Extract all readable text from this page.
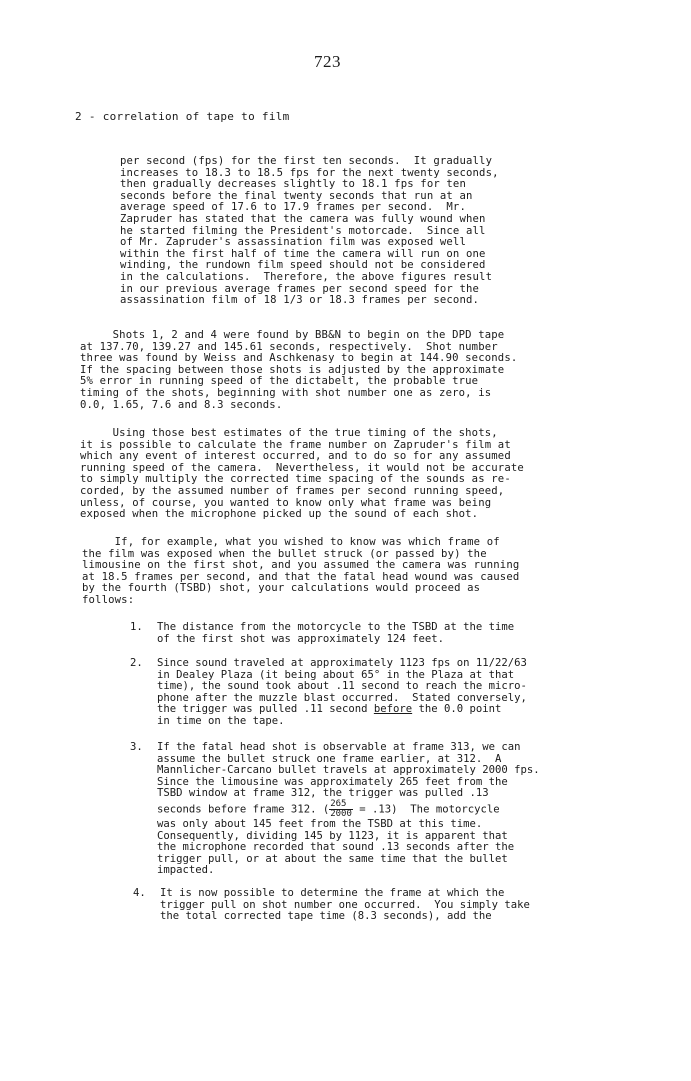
723
2 - correlation of tape to film
per second (fps) for the first ten seconds.  It gradually
increases to 18.3 to 18.5 fps for the next twenty seconds,
then gradually decreases slightly to 18.1 fps for ten
seconds before the final twenty seconds that run at an
average speed of 17.6 to 17.9 frames per second.  Mr.
Zapruder has stated that the camera was fully wound when
he started filming the President's motorcade.  Since all
of Mr. Zapruder's assassination film was exposed well
within the first half of time the camera will run on one
winding, the rundown film speed should not be considered
in the calculations.  Therefore, the above figures result
in our previous average frames per second speed for the
assassination film of 18 1/3 or 18.3 frames per second.
Shots 1, 2 and 4 were found by BB&N to begin on the DPD tape
at 137.70, 139.27 and 145.61 seconds, respectively.  Shot number
three was found by Weiss and Aschkenasy to begin at 144.90 seconds.
If the spacing between those shots is adjusted by the approximate
5% error in running speed of the dictabelt, the probable true
timing of the shots, beginning with shot number one as zero, is
0.0, 1.65, 7.6 and 8.3 seconds.
Using those best estimates of the true timing of the shots,
it is possible to calculate the frame number on Zapruder's film at
which any event of interest occurred, and to do so for any assumed
running speed of the camera.  Nevertheless, it would not be accurate
to simply multiply the corrected time spacing of the sounds as re-
corded, by the assumed number of frames per second running speed,
unless, of course, you wanted to know only what frame was being
exposed when the microphone picked up the sound of each shot.
If, for example, what you wished to know was which frame of
the film was exposed when the bullet struck (or passed by) the
limousine on the first shot, and you assumed the camera was running
at 18.5 frames per second, and that the fatal head wound was caused
by the fourth (TSBD) shot, your calculations would proceed as
follows:
1. The distance from the motorcycle to the TSBD at the time
of the first shot was approximately 124 feet.
2. Since sound traveled at approximately 1123 fps on 11/22/63
in Dealey Plaza (it being about 65° in the Plaza at that
time), the sound took about .11 second to reach the micro-
phone after the muzzle blast occurred.  Stated conversely,
the trigger was pulled .11 second before the 0.0 point
in time on the tape.
3. If the fatal head shot is observable at frame 313, we can
assume the bullet struck one frame earlier, at 312.  A
Mannlicher-Carcano bullet travels at approximately 2000 fps.
Since the limousine was approximately 265 feet from the
TSBD window at frame 312, the trigger was pulled .13
seconds before frame 312. ( $\frac{265}{2000} = .13$)  The motorcycle
was only about 145 feet from the TSBD at this time.
Consequently, dividing 145 by 1123, it is apparent that
the microphone recorded that sound .13 seconds after the
trigger pull, or at about the same time that the bullet
impacted.
4. It is now possible to determine the frame at which the
trigger pull on shot number one occurred.  You simply take
the total corrected tape time (8.3 seconds), add the
